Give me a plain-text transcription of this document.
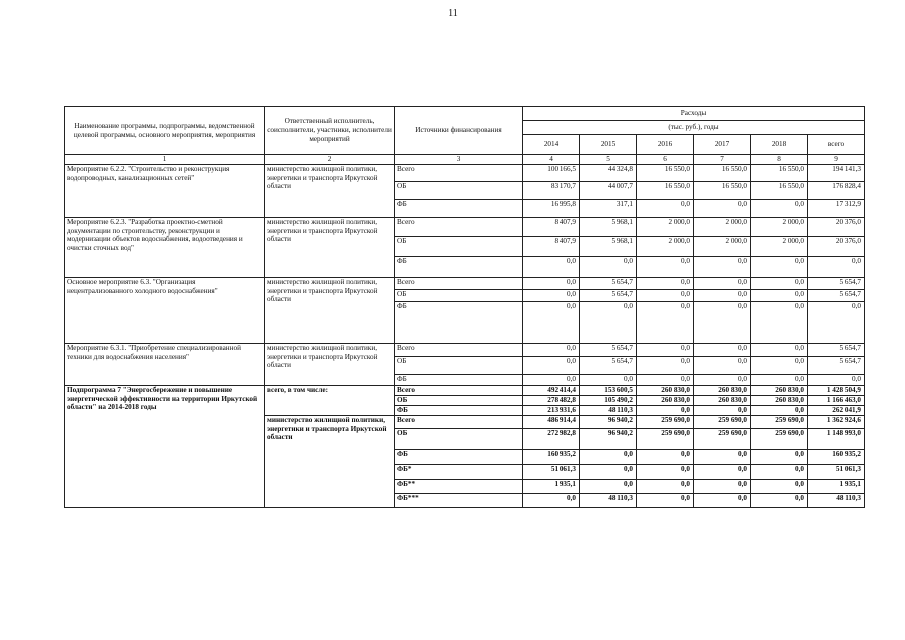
11
Наименование программы, подпрограммы, ведомственной целевой программы, основного мероприятия, мероприятия	Ответственный исполнитель, соисполнители, участники, исполнители мероприятий	Источники финансирования	Расходы					
			(тыс. руб.), годы					
			2014	2015	2016	2017	2018	всего
1	2	3	4	5	6	7	8	9
Мероприятие 6.2.2. "Строительство и реконструкция водопроводных, канализационных сетей"	министерство жилищной политики, энергетики и транспорта Иркутской области	Всего	100 166,5	44 324,8	16 550,0	16 550,0	16 550,0	194 141,3
		ОБ	83 170,7	44 007,7	16 550,0	16 550,0	16 550,0	176 828,4
		ФБ	16 995,8	317,1	0,0	0,0	0,0	17 312,9
Мероприятие 6.2.3. "Разработка проектно-сметной документации по строительству, реконструкции и модернизации объектов водоснабжения, водоотведения и очистки сточных вод"	министерство жилищной политики, энергетики и транспорта Иркутской области	Всего	8 407,9	5 968,1	2 000,0	2 000,0	2 000,0	20 376,0
		ОБ	8 407,9	5 968,1	2 000,0	2 000,0	2 000,0	20 376,0
		ФБ	0,0	0,0	0,0	0,0	0,0	0,0
Основное мероприятие 6.3. "Организация нецентрализованного холодного водоснабжения"	министерство жилищной политики, энергетики и транспорта Иркутской области	Всего	0,0	5 654,7	0,0	0,0	0,0	5 654,7
		ОБ	0,0	5 654,7	0,0	0,0	0,0	5 654,7
		ФБ	0,0	0,0	0,0	0,0	0,0	0,0
Мероприятие 6.3.1. "Приобретение специализированной техники для водоснабжения населения"	министерство жилищной политики, энергетики и транспорта Иркутской области	Всего	0,0	5 654,7	0,0	0,0	0,0	5 654,7
		ОБ	0,0	5 654,7	0,0	0,0	0,0	5 654,7
		ФБ	0,0	0,0	0,0	0,0	0,0	0,0
Подпрограмма 7 "Энергосбережение и повышение энергетической эффективности на территории Иркутской области" на 2014-2018 годы	всего, в том числе:	Всего	492 414,4	153 600,5	260 830,0	260 830,0	260 830,0	1 428 504,9
		ОБ	278 482,8	105 490,2	260 830,0	260 830,0	260 830,0	1 166 463,0
		ФБ	213 931,6	48 110,3	0,0	0,0	0,0	262 041,9
	министерство жилищной политики, энергетики и транспорта Иркутской области	Всего	486 914,4	96 940,2	259 690,0	259 690,0	259 690,0	1 362 924,6
		ОБ	272 982,8	96 940,2	259 690,0	259 690,0	259 690,0	1 148 993,0
		ФБ	160 935,2	0,0	0,0	0,0	0,0	160 935,2
		ФБ*	51 061,3	0,0	0,0	0,0	0,0	51 061,3
		ФБ**	1 935,1	0,0	0,0	0,0	0,0	1 935,1
		ФБ***	0,0	48 110,3	0,0	0,0	0,0	48 110,3
